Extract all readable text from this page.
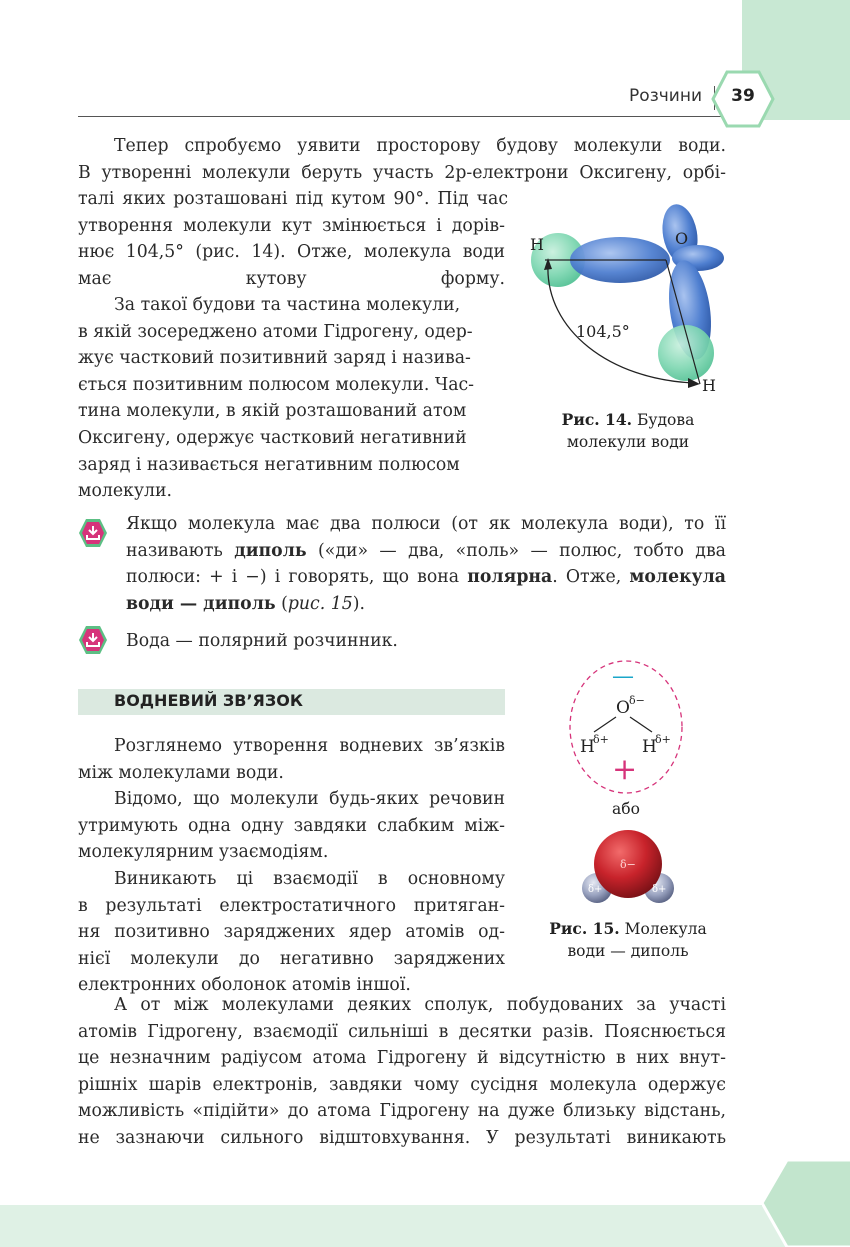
Розчини	39
Тепер спробуємо уявити просторову будову молекули води.
В утворенні молекули беруть участь 2p-електрони Оксигену, орбі-
талі яких розташовані під кутом 90°. Під час
утворення молекули кут змінюється і дорів-
нює 104,5° (рис. 14). Отже, молекула води
має кутову форму.
За такої будови та частина молекули,
в якій зосереджено атоми Гідрогену, одер-
жує частковий позитивний заряд і назива-
ється позитивним полюсом молекули. Час-
тина молекули, в якій розташований атом
Оксигену, одержує частковий негативний
заряд і називається негативним полюсом
молекули.
H	O
H
104,5°
Рис. 14. Будова
молекули води
Якщо молекула має два полюси (от як молекула води), то її
називають диполь («ди» — два, «поль» — полюс, тобто два
полюси: + і −) і говорять, що вона полярна. Отже, молекула
води — диполь (рис. 15).
Вода — полярний розчинник.
ВОДНЕВИЙ ЗВ’ЯЗОК
Розглянемо утворення водневих зв’язків
між молекулами води.
Відомо, що молекули будь-яких речовин
утримують одна одну завдяки слабким між-
молекулярним узаємодіям.
Виникають ці взаємодії в основному
в результаті електростатичного притяган-
ня позитивно заряджених ядер атомів од-
нієї молекули до негативно заряджених
електронних оболонок атомів іншої.
—
O δ−
H
δ+ H
δ+
+
або
δ−
δ+	δ+
Рис. 15. Молекула
води — диполь
А от між молекулами деяких сполук, побудованих за участі
атомів Гідрогену, взаємодії сильніші в десятки разів. Пояснюється
це незначним радіусом атома Гідрогену й відсутністю в них внут-
рішніх шарів електронів, завдяки чому сусідня молекула одержує
можливість «підійти» до атома Гідрогену на дуже близьку відстань,
не зазнаючи сильного відштовхування. У результаті виникають
